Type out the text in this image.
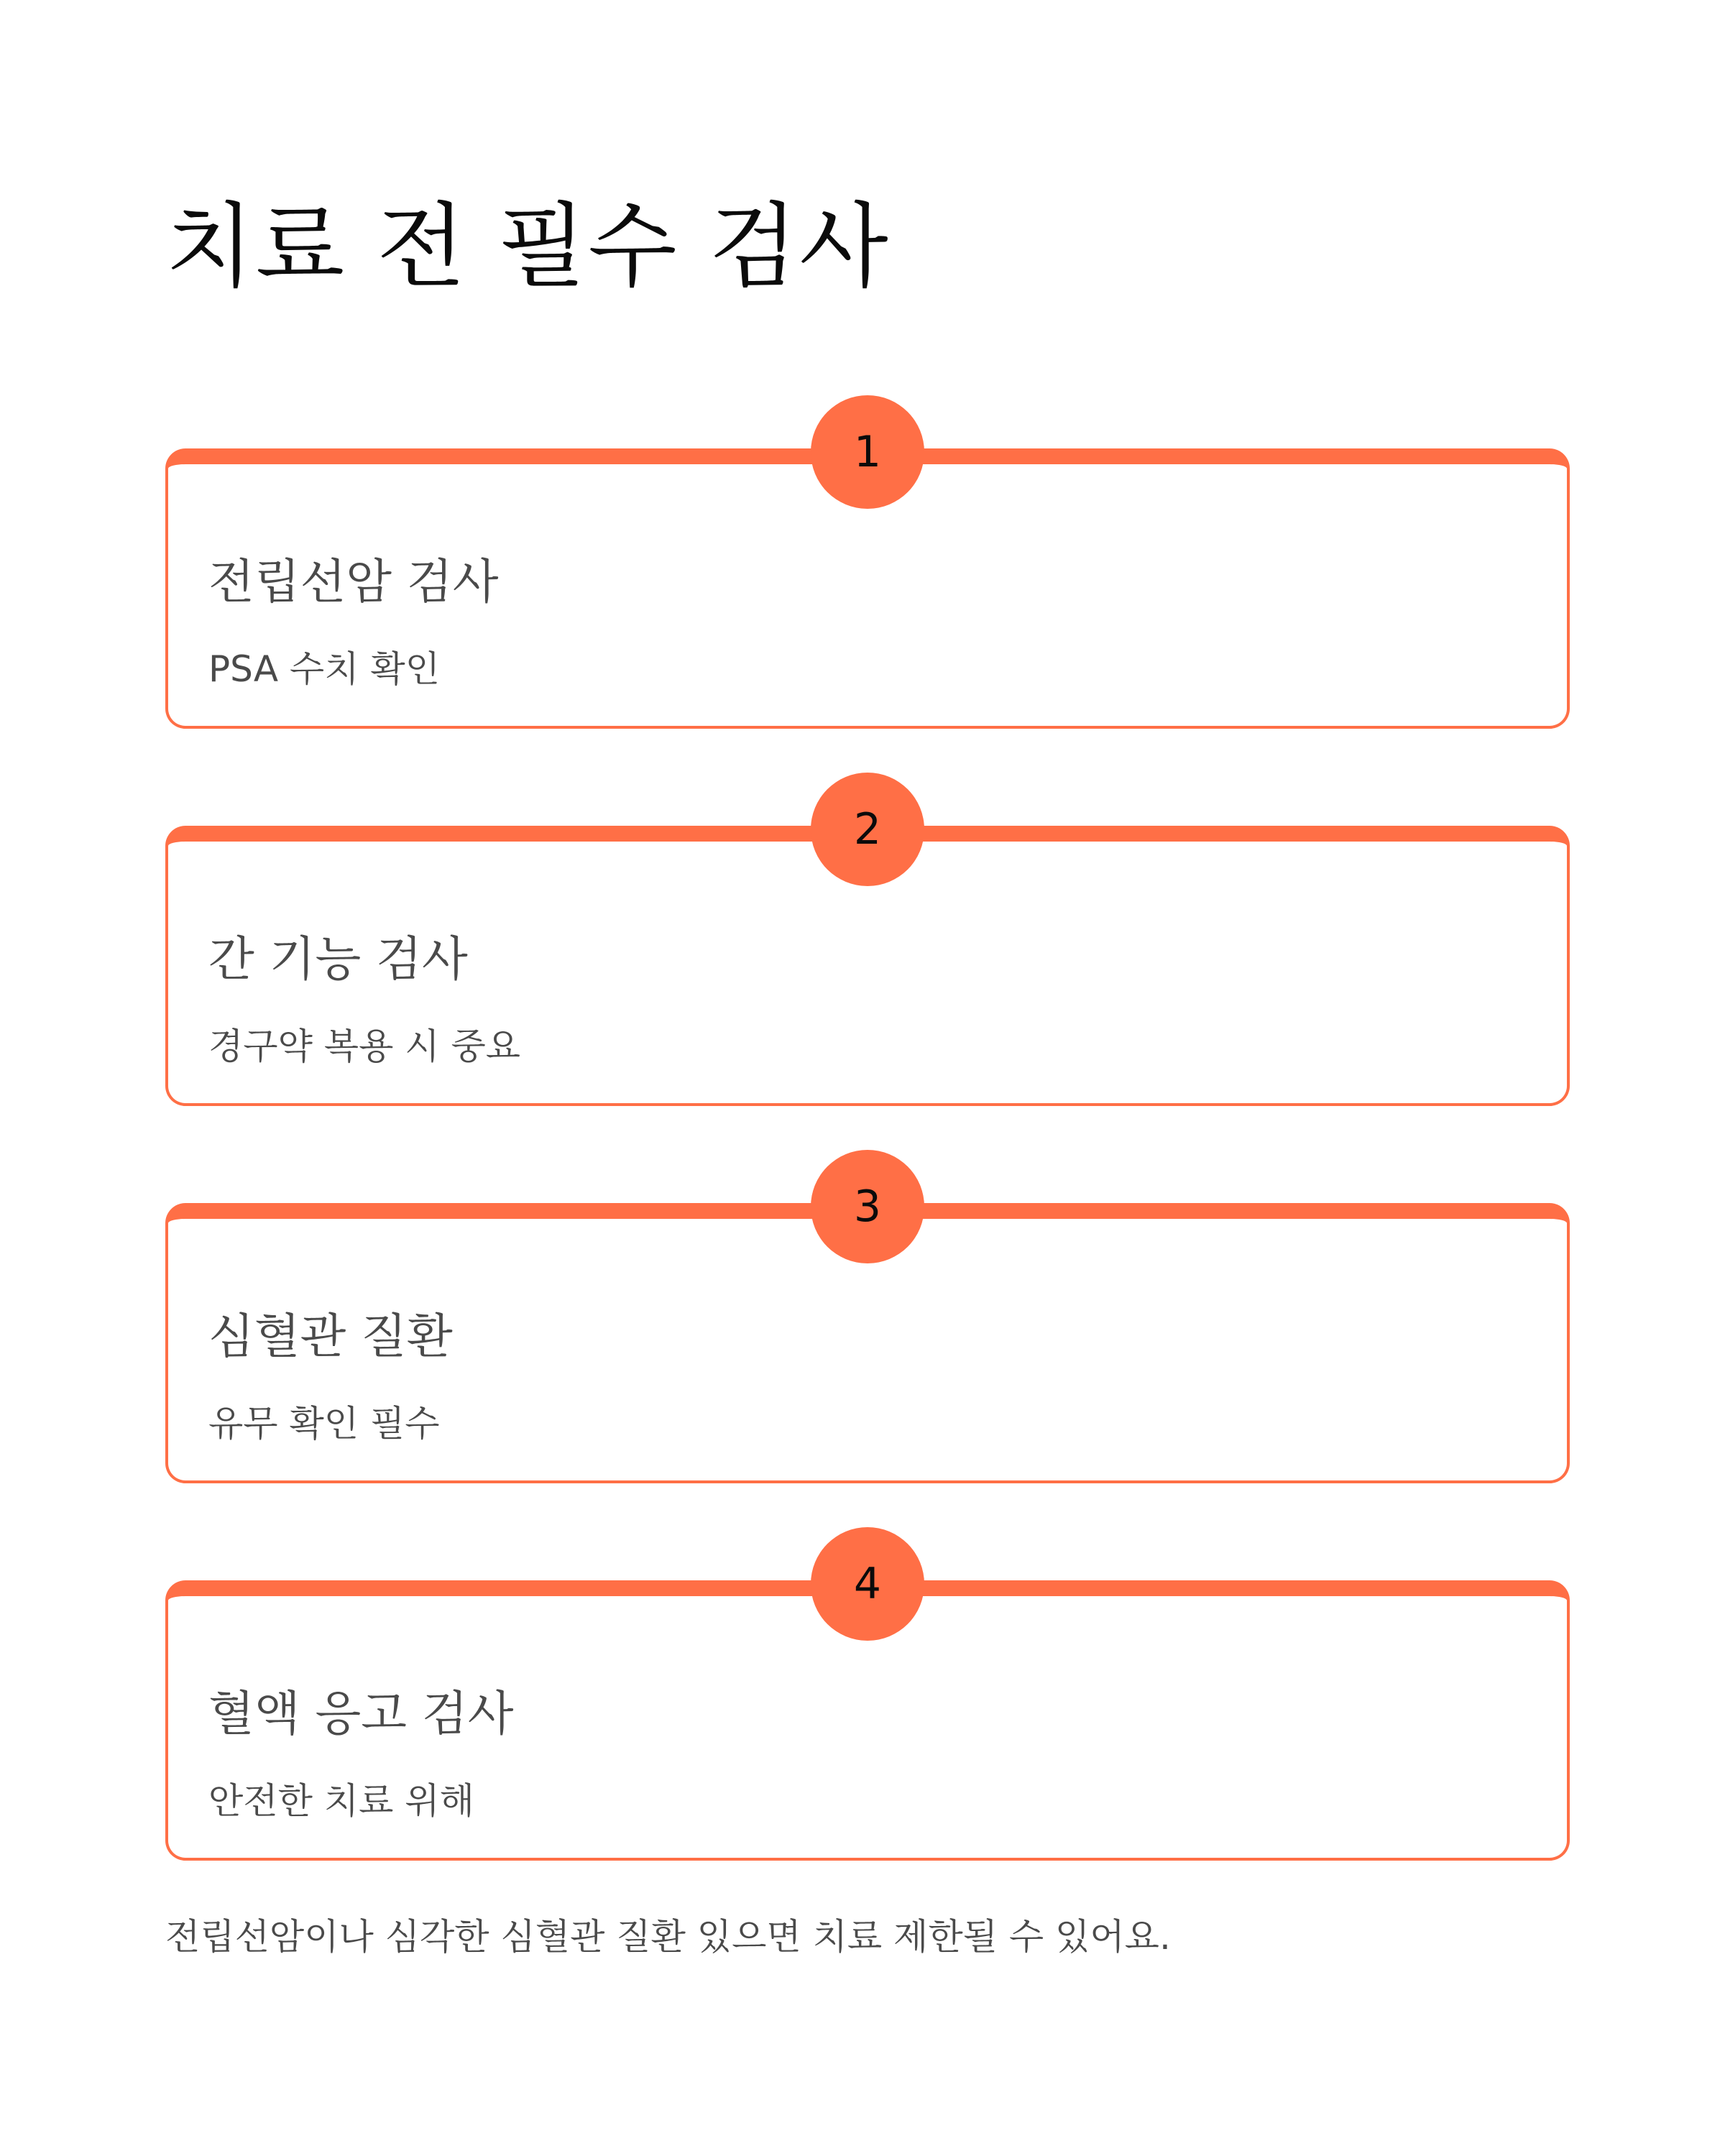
치료 전 필수 검사

전립선암 검사

PSA 수치 확인

1

간 기능 검사

경구약 복용 시 중요

2

심혈관 질환

유무 확인 필수

3

혈액 응고 검사

안전한 치료 위해

4

전립선암이나 심각한 심혈관 질환 있으면 치료 제한될 수 있어요.
